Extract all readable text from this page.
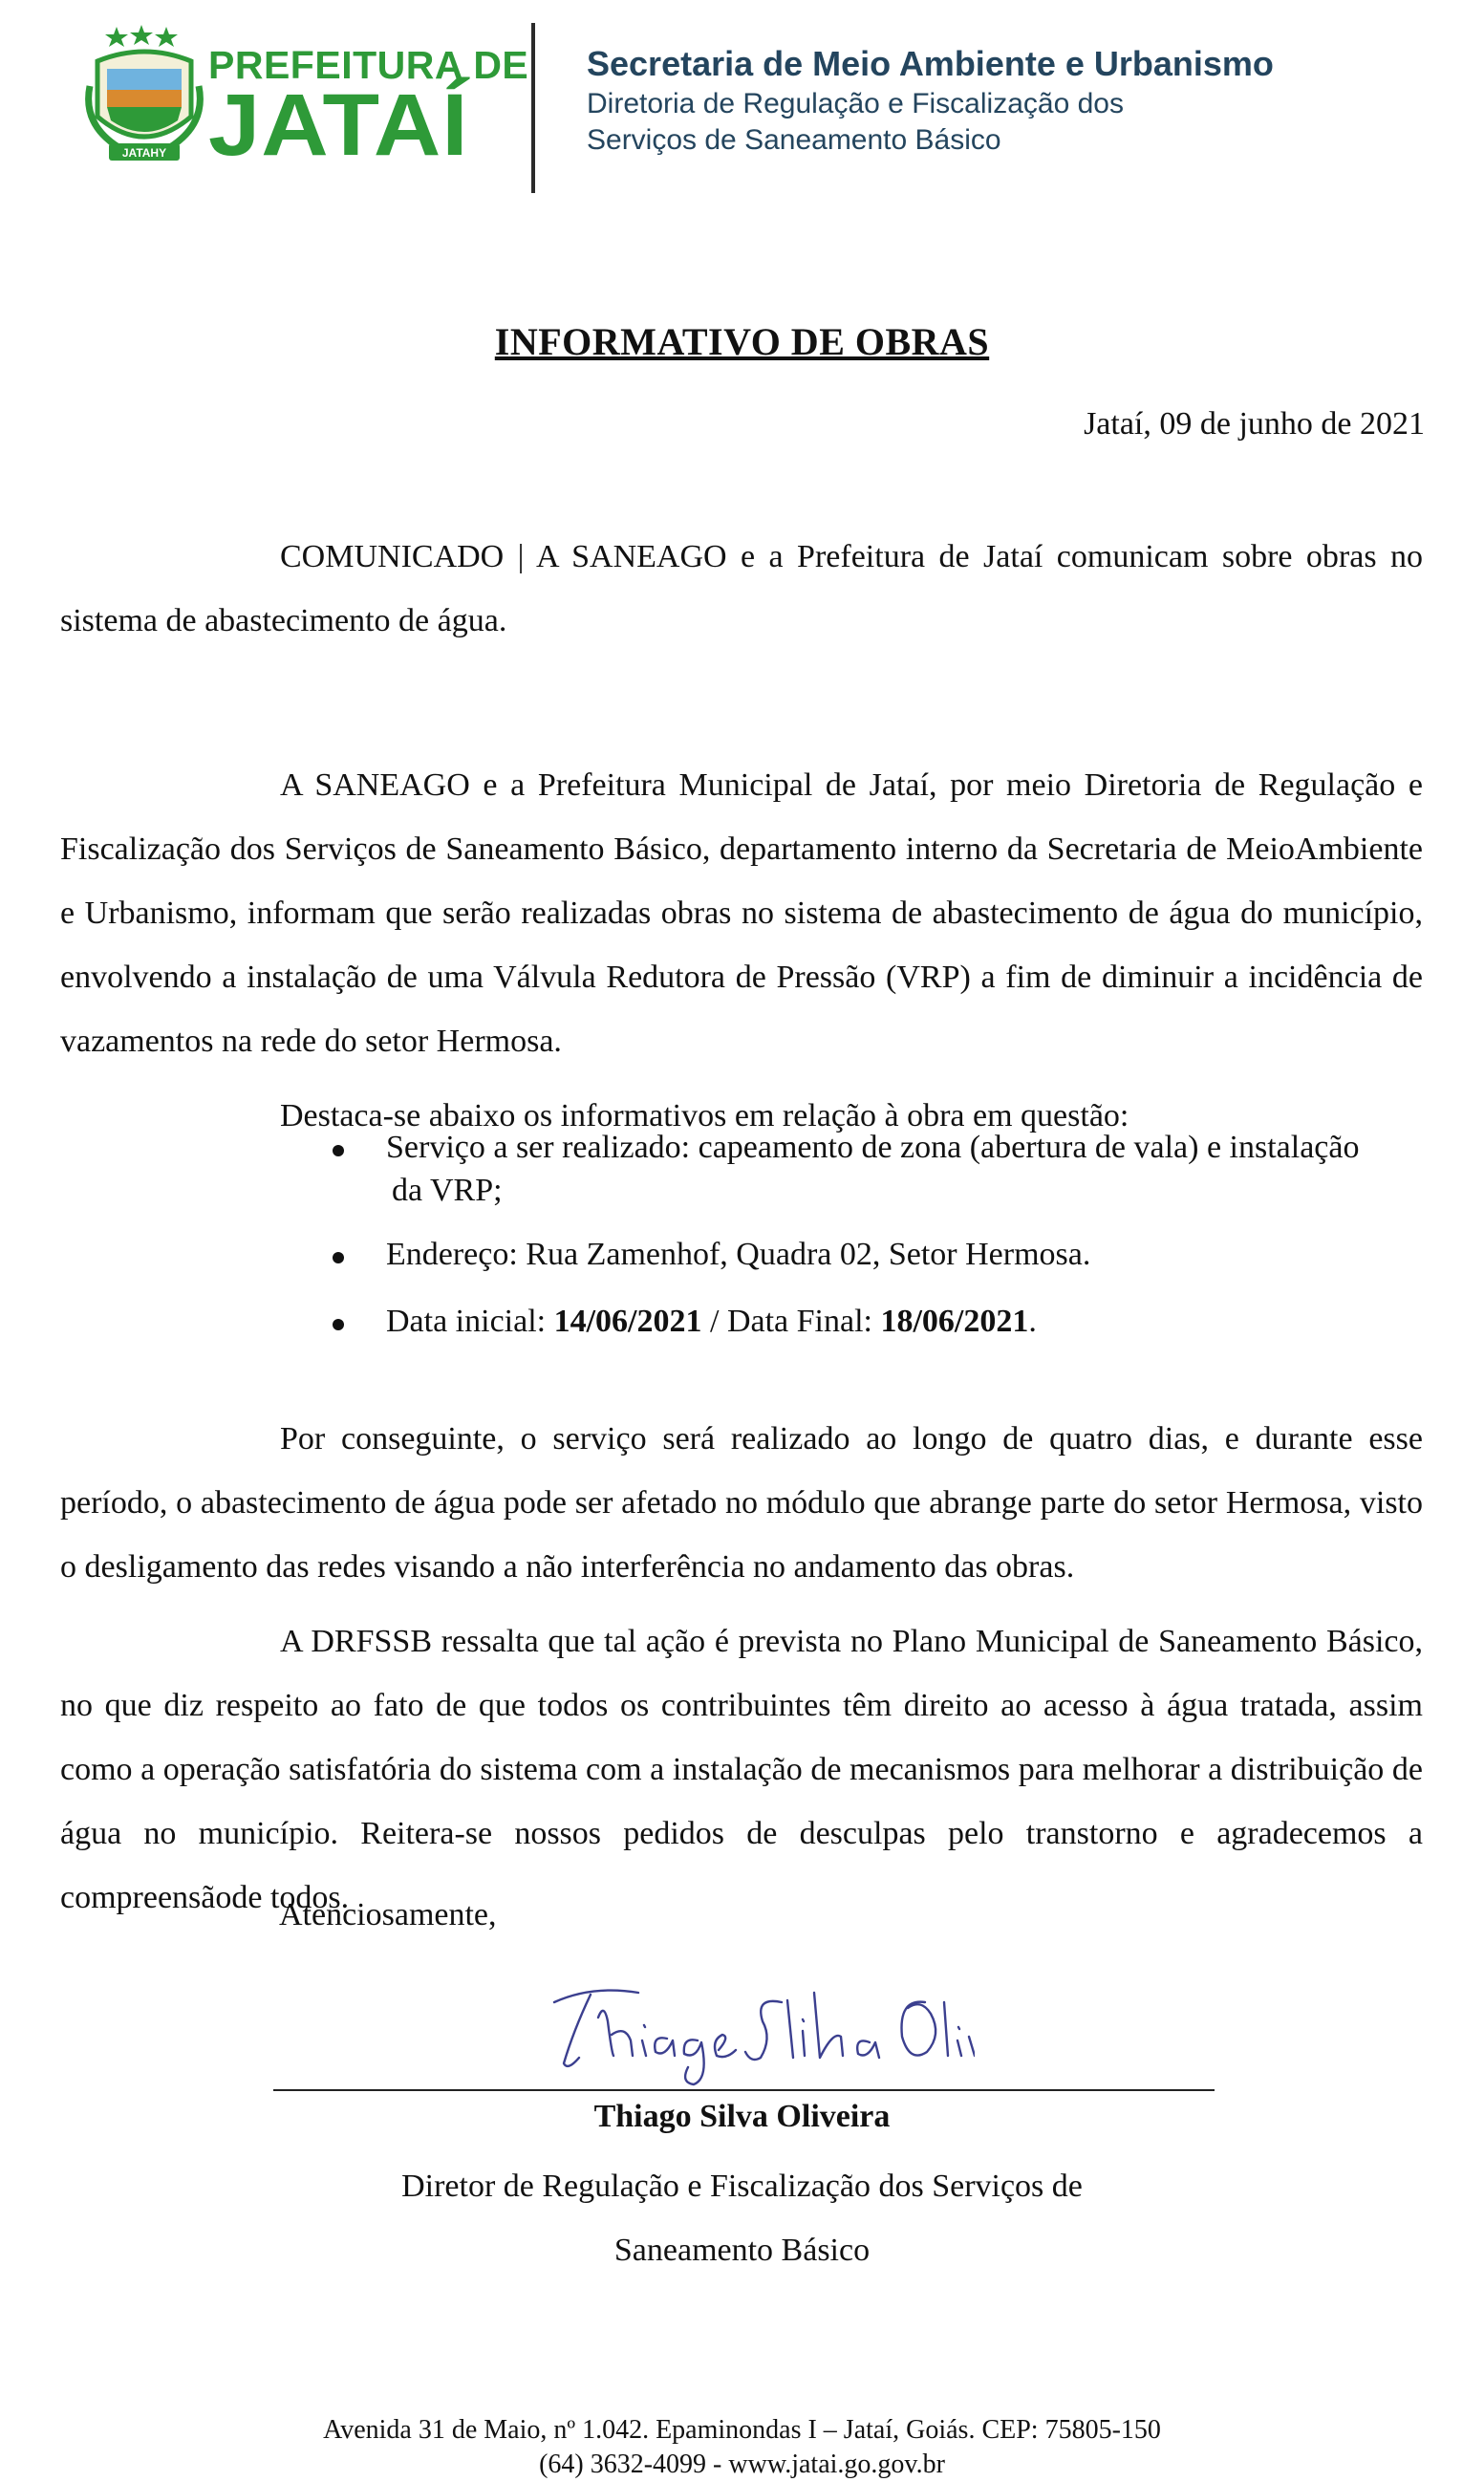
JATAHY
PREFEITURA DE
JATAÍ
Secretaria de Meio Ambiente e Urbanismo
Diretoria de Regulação e Fiscalização dos
Serviços de Saneamento Básico
INFORMATIVO DE OBRAS
Jataí, 09 de junho de 2021

COMUNICADO | A SANEAGO e a Prefeitura de Jataí comunicam sobre obras no sistema de abastecimento de água.

A SANEAGO e a Prefeitura Municipal de Jataí, por meio Diretoria de Regulação e Fiscalização dos Serviços de Saneamento Básico, departamento interno da Secretaria de MeioAmbiente e Urbanismo, informam que serão realizadas obras no sistema de abastecimento de água do município, envolvendo a instalação de uma Válvula Redutora de Pressão (VRP) a fim de diminuir a incidência de vazamentos na rede do setor Hermosa.

Destaca-se abaixo os informativos em relação à obra em questão:

Serviço a ser realizado: capeamento de zona (abertura de vala) e instalação da VRP;
Endereço: Rua Zamenhof, Quadra 02, Setor Hermosa.
Data inicial: 14/06/2021 / Data Final: 18/06/2021.

Por conseguinte, o serviço será realizado ao longo de quatro dias, e durante esse período, o abastecimento de água pode ser afetado no módulo que abrange parte do setor Hermosa, visto o desligamento das redes visando a não interferência no andamento das obras.

A DRFSSB ressalta que tal ação é prevista no Plano Municipal de Saneamento Básico, no que diz respeito ao fato de que todos os contribuintes têm direito ao acesso à água tratada, assim como a operação satisfatória do sistema com a instalação de mecanismos para melhorar a distribuição de água no município. Reitera-se nossos pedidos de desculpas pelo transtorno e agradecemos a compreensãode todos.

Atenciosamente,
Thiago Silva Oliveira
Diretor de Regulação e Fiscalização dos Serviços de
Saneamento Básico
Avenida 31 de Maio, nº 1.042. Epaminondas I – Jataí, Goiás. CEP: 75805-150
(64) 3632-4099 - www.jatai.go.gov.br
